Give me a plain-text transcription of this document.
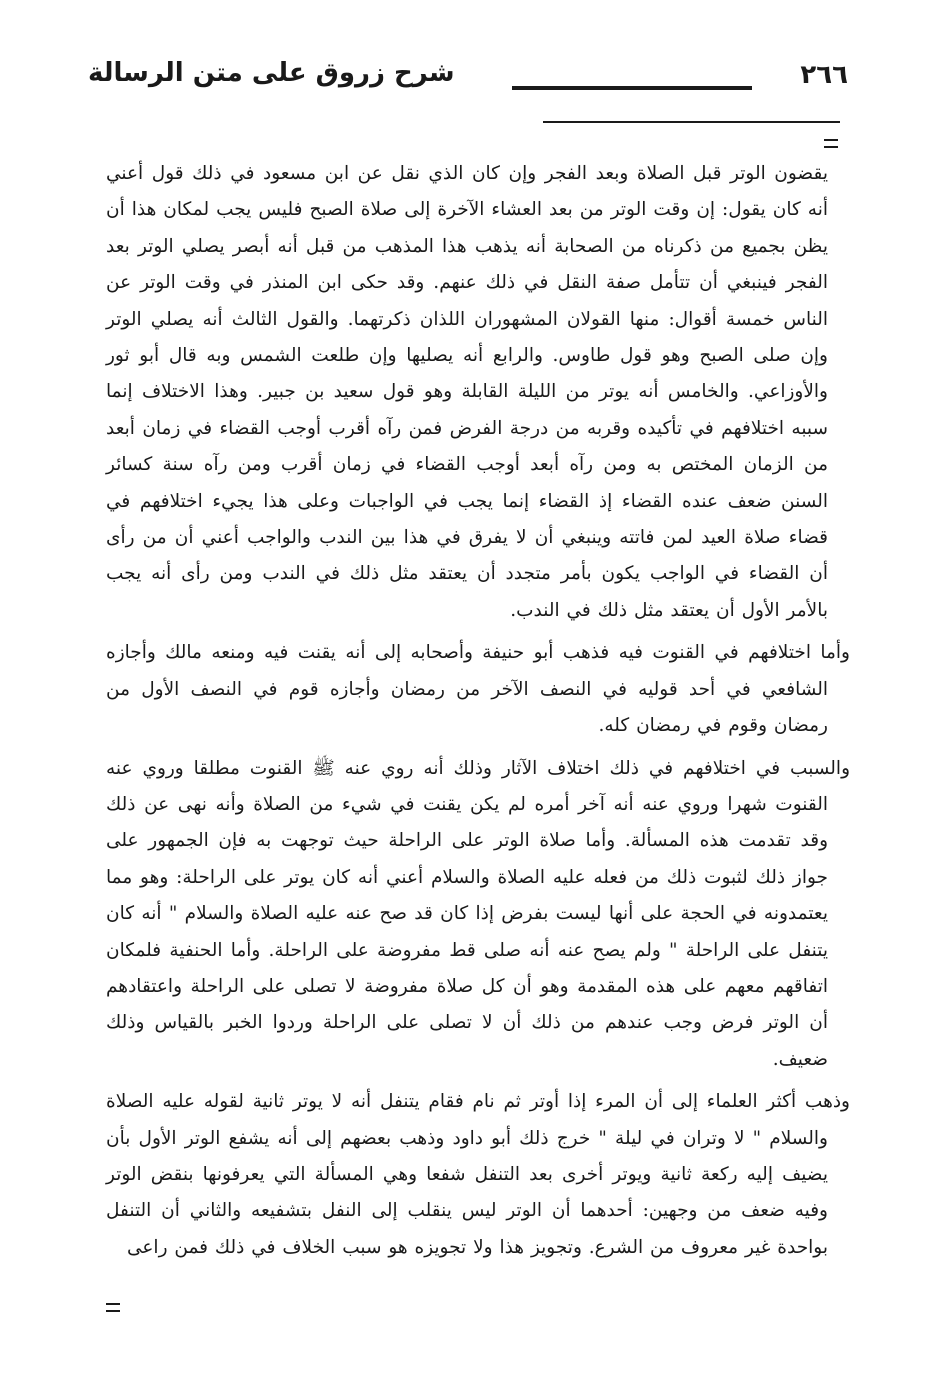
٢٦٦
شرح زروق على متن الرسالة

يقضون الوتر قبل الصلاة وبعد الفجر وإن كان الذي نقل عن ابن مسعود في ذلك قول أعني أنه كان يقول: إن وقت الوتر من بعد العشاء الآخرة إلى صلاة الصبح فليس يجب لمكان هذا أن يظن بجميع من ذكرناه من الصحابة أنه يذهب هذا المذهب من قبل أنه أبصر يصلي الوتر بعد الفجر فينبغي أن تتأمل صفة النقل في ذلك عنهم. وقد حكى ابن المنذر في وقت الوتر عن الناس خمسة أقوال: منها القولان المشهوران اللذان ذكرتهما. والقول الثالث أنه يصلي الوتر وإن صلى الصبح وهو قول طاوس. والرابع أنه يصليها وإن طلعت الشمس وبه قال أبو ثور والأوزاعي. والخامس أنه يوتر من الليلة القابلة وهو قول سعيد بن جبير. وهذا الاختلاف إنما سببه اختلافهم في تأكيده وقربه من درجة الفرض فمن رآه أقرب أوجب القضاء في زمان أبعد من الزمان المختص به ومن رآه أبعد أوجب القضاء في زمان أقرب ومن رآه سنة كسائر السنن ضعف عنده القضاء إذ القضاء إنما يجب في الواجبات وعلى هذا يجيء اختلافهم في قضاء صلاة العيد لمن فاتته وينبغي أن لا يفرق في هذا بين الندب والواجب أعني أن من رأى أن القضاء في الواجب يكون بأمر متجدد أن يعتقد مثل ذلك في الندب ومن رأى أنه يجب بالأمر الأول أن يعتقد مثل ذلك في الندب.

وأما اختلافهم في القنوت فيه فذهب أبو حنيفة وأصحابه إلى أنه يقنت فيه ومنعه مالك وأجازه الشافعي في أحد قوليه في النصف الآخر من رمضان وأجازه قوم في النصف الأول من رمضان وقوم في رمضان كله.

والسبب في اختلافهم في ذلك اختلاف الآثار وذلك أنه روي عنه ﷺ القنوت مطلقا وروي عنه القنوت شهرا وروي عنه أنه آخر أمره لم يكن يقنت في شيء من الصلاة وأنه نهى عن ذلك وقد تقدمت هذه المسألة. وأما صلاة الوتر على الراحلة حيث توجهت به فإن الجمهور على جواز ذلك لثبوت ذلك من فعله عليه الصلاة والسلام أعني أنه كان يوتر على الراحلة: وهو مما يعتمدونه في الحجة على أنها ليست بفرض إذا كان قد صح عنه عليه الصلاة والسلام " أنه كان يتنفل على الراحلة " ولم يصح عنه أنه صلى قط مفروضة على الراحلة. وأما الحنفية فلمكان اتفاقهم معهم على هذه المقدمة وهو أن كل صلاة مفروضة لا تصلى على الراحلة واعتقادهم أن الوتر فرض وجب عندهم من ذلك أن لا تصلى على الراحلة وردوا الخبر بالقياس وذلك ضعيف.

وذهب أكثر العلماء إلى أن المرء إذا أوتر ثم نام فقام يتنفل أنه لا يوتر ثانية لقوله عليه الصلاة والسلام " لا وتران في ليلة " خرج ذلك أبو داود وذهب بعضهم إلى أنه يشفع الوتر الأول بأن يضيف إليه ركعة ثانية ويوتر أخرى بعد التنفل شفعا وهي المسألة التي يعرفونها بنقض الوتر وفيه ضعف من وجهين: أحدهما أن الوتر ليس ينقلب إلى النفل بتشفيعه والثاني أن التنفل بواحدة غير معروف من الشرع. وتجويز هذا ولا تجويزه هو سبب الخلاف في ذلك فمن راعى
